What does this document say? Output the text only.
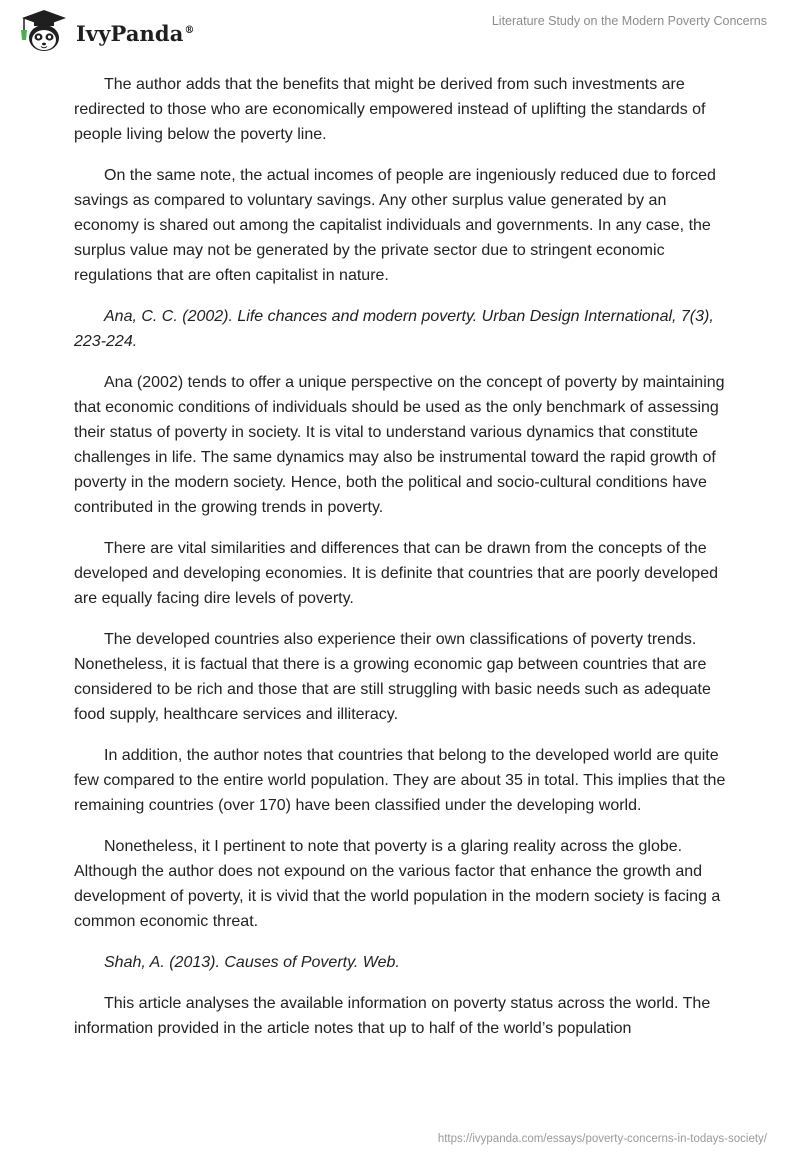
IvyPanda®
Literature Study on the Modern Poverty Concerns

The author adds that the benefits that might be derived from such investments are redirected to those who are economically empowered instead of uplifting the standards of people living below the poverty line.

On the same note, the actual incomes of people are ingeniously reduced due to forced savings as compared to voluntary savings. Any other surplus value generated by an economy is shared out among the capitalist individuals and governments. In any case, the surplus value may not be generated by the private sector due to stringent economic regulations that are often capitalist in nature.

Ana, C. C. (2002). Life chances and modern poverty. Urban Design International, 7(3), 223-224.

Ana (2002) tends to offer a unique perspective on the concept of poverty by maintaining that economic conditions of individuals should be used as the only benchmark of assessing their status of poverty in society. It is vital to understand various dynamics that constitute challenges in life. The same dynamics may also be instrumental toward the rapid growth of poverty in the modern society. Hence, both the political and socio-cultural conditions have contributed in the growing trends in poverty.

There are vital similarities and differences that can be drawn from the concepts of the developed and developing economies. It is definite that countries that are poorly developed are equally facing dire levels of poverty.

The developed countries also experience their own classifications of poverty trends. Nonetheless, it is factual that there is a growing economic gap between countries that are considered to be rich and those that are still struggling with basic needs such as adequate food supply, healthcare services and illiteracy.

In addition, the author notes that countries that belong to the developed world are quite few compared to the entire world population. They are about 35 in total. This implies that the remaining countries (over 170) have been classified under the developing world.

Nonetheless, it I pertinent to note that poverty is a glaring reality across the globe. Although the author does not expound on the various factor that enhance the growth and development of poverty, it is vivid that the world population in the modern society is facing a common economic threat.

Shah, A. (2013). Causes of Poverty. Web.

This article analyses the available information on poverty status across the world. The information provided in the article notes that up to half of the world’s population

https://ivypanda.com/essays/poverty-concerns-in-todays-society/
